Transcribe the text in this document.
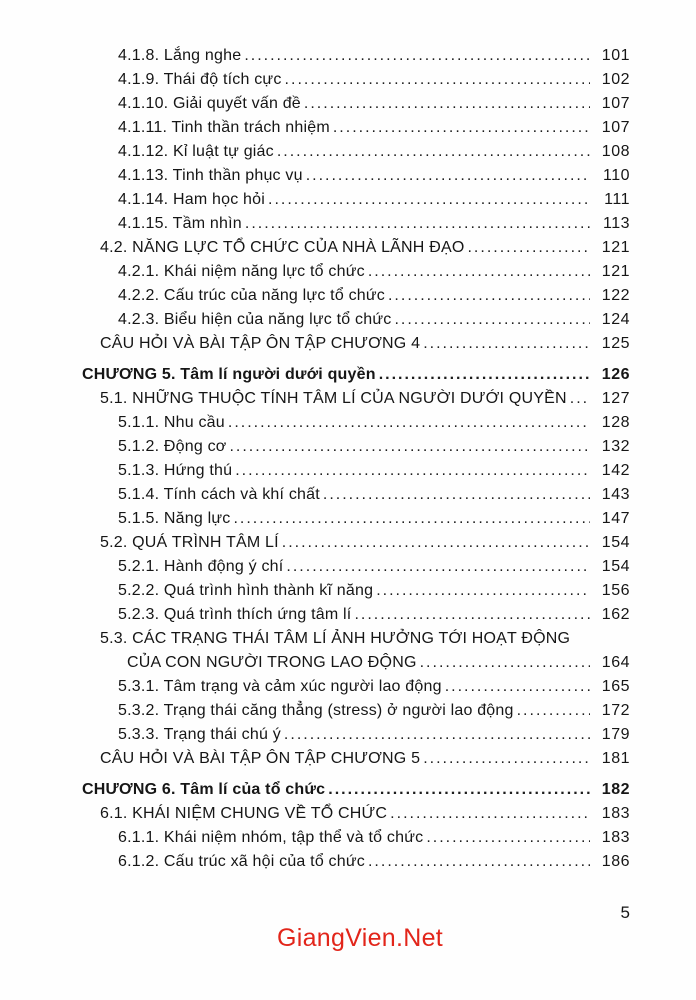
4.1.8. Lắng nghe .....	101
4.1.9. Thái độ tích cực .....	102
4.1.10. Giải quyết vấn đề .....	107
4.1.11. Tinh thần trách nhiệm .....	107
4.1.12. Kỉ luật tự giác .....	108
4.1.13. Tinh thần phục vụ .....	110
4.1.14. Ham học hỏi .....	111
4.1.15. Tầm nhìn .....	113
4.2. NĂNG LỰC TỔ CHỨC CỦA NHÀ LÃNH ĐẠO .....	121
4.2.1. Khái niệm năng lực tổ chức .....	121
4.2.2. Cấu trúc của năng lực tổ chức .....	122
4.2.3. Biểu hiện của năng lực tổ chức .....	124
CÂU HỎI VÀ BÀI TẬP ÔN TẬP CHƯƠNG 4 .....	125
CHƯƠNG 5. Tâm lí người dưới quyền .....	126
5.1. NHỮNG THUỘC TÍNH TÂM LÍ CỦA NGƯỜI DƯỚI QUYỀN .....	127
5.1.1. Nhu cầu .....	128
5.1.2. Động cơ .....	132
5.1.3. Hứng thú .....	142
5.1.4. Tính cách và khí chất .....	143
5.1.5. Năng lực .....	147
5.2. QUÁ TRÌNH TÂM LÍ .....	154
5.2.1. Hành động ý chí .....	154
5.2.2. Quá trình hình thành kĩ năng .....	156
5.2.3. Quá trình thích ứng tâm lí .....	162
5.3. CÁC TRẠNG THÁI TÂM LÍ ẢNH HƯỞNG TỚI HOẠT ĐỘNG
CỦA CON NGƯỜI TRONG LAO ĐỘNG .....	164
5.3.1. Tâm trạng và cảm xúc người lao động .....	165
5.3.2. Trạng thái căng thẳng (stress) ở người lao động .....	172
5.3.3. Trạng thái chú ý .....	179
CÂU HỎI VÀ BÀI TẬP ÔN TẬP CHƯƠNG 5 .....	181
CHƯƠNG 6. Tâm lí của tổ chức .....	182
6.1. KHÁI NIỆM CHUNG VỀ TỔ CHỨC .....	183
6.1.1. Khái niệm nhóm, tập thể và tổ chức .....	183
6.1.2. Cấu trúc xã hội của tổ chức .....	186
5
GiangVien.Net
